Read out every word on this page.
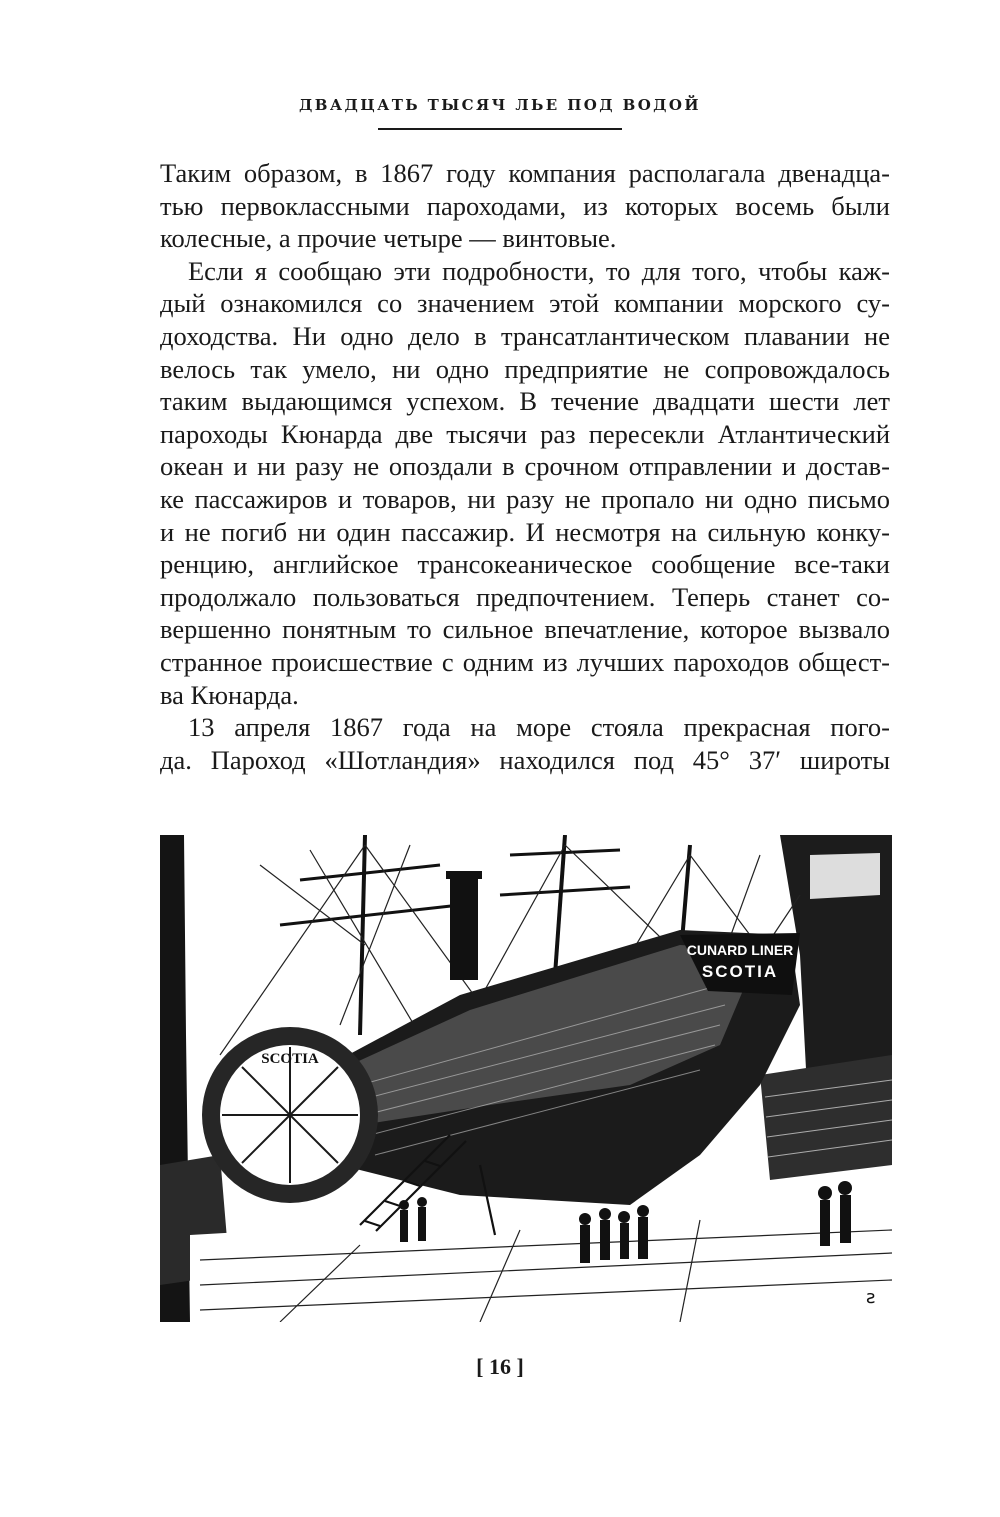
ДВАДЦАТЬ ТЫСЯЧ ЛЬЕ ПОД ВОДОЙ
Таким образом, в 1867 году компания располагала двенадца-
тью первоклассными пароходами, из которых восемь были
колесные, а прочие четыре — винтовые.
Если я сообщаю эти подробности, то для того, чтобы каж-
дый ознакомился со значением этой компании морского су-
доходства. Ни одно дело в трансатлантическом плавании не
велось так умело, ни одно предприятие не сопровождалось
таким выдающимся успехом. В течение двадцати шести лет
пароходы Кюнарда две тысячи раз пересекли Атлантический
океан и ни разу не опоздали в срочном отправлении и достав-
ке пассажиров и товаров, ни разу не пропало ни одно письмо
и не погиб ни один пассажир. И несмотря на сильную конку-
ренцию, английское трансокеаническое сообщение все-таки
продолжало пользоваться предпочтением. Теперь станет со-
вершенно понятным то сильное впечатление, которое вызвало
странное происшествие с одним из лучших пароходов общест-
ва Кюнарда.
13 апреля 1867 года на море стояла прекрасная пого-
да. Пароход «Шотландия» находился под 45° 37′ широты
CUNARD LINER
SCOTIA
SCOTIA
ƨ
[ 16 ]
